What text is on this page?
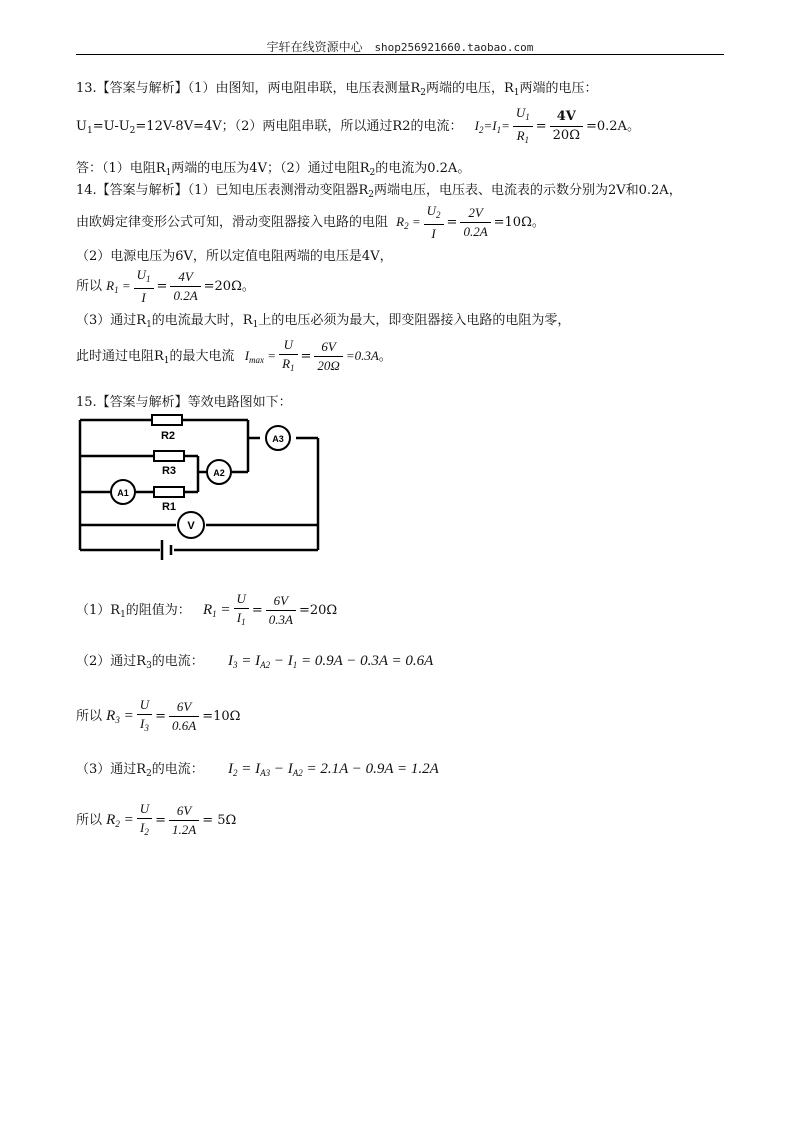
宇轩在线资源中心 shop256921660.taobao.com
13.【答案与解析】（1）由图知，两电阻串联，电压表测量$R_2$两端的电压，$R_1$两端的电压：
$U_1=U-U_2=12V-8V=4V$；（2）两电阻串联，所以通过R2的电流： $I_2=I_1= \frac{U_1}{R_1} = \frac{4V}{20\Omega} =0.2A$。
答：（1）电阻$R_1$两端的电压为4V；（2）通过电阻$R_2$的电流为0.2A。
14.【答案与解析】（1）已知电压表测滑动变阻器$R_2$两端电压，电压表、电流表的示数分别为2V和0.2A，
由欧姆定律变形公式可知，滑动变阻器接入电路的电阻 $R_2 = \frac{U_2}{I} = \frac{2V}{0.2A} =10\Omega$。
（2）电源电压为6V，所以定值电阻两端的电压是4V，
所以 $R_1 = \frac{U_1}{I} = \frac{4V}{0.2A} =20\Omega$。
（3）通过$R_1$的电流最大时，$R_1$上的电压必须为最大，即变阻器接入电路的电阻为零，
此时通过电阻$R_1$的最大电流 $I_{max} = \frac{U}{R_1} = \frac{6V}{20\Omega} =0.3A$。
15.【答案与解析】等效电路图如下：
R2
R3
R1
A3
A2
A1
V
$(1)R_1$的阻值为： $R_1 = \frac{U}{I_1} = \frac{6V}{0.3A} =20\Omega$
（2）通过$R_3$的电流： $I_3 = I_{A2} - I_1 = 0.9A - 0.3A = 0.6A$
所以 $R_3 = \frac{U}{I_3} = \frac{6V}{0.6A} =10\Omega$
（3）通过$R_2$的电流： $I_2 = I_{A3} - I_{A2} = 2.1A - 0.9A = 1.2A$
所以 $R_2 = \frac{U}{I_2} = \frac{6V}{1.2A} = 5\Omega$
